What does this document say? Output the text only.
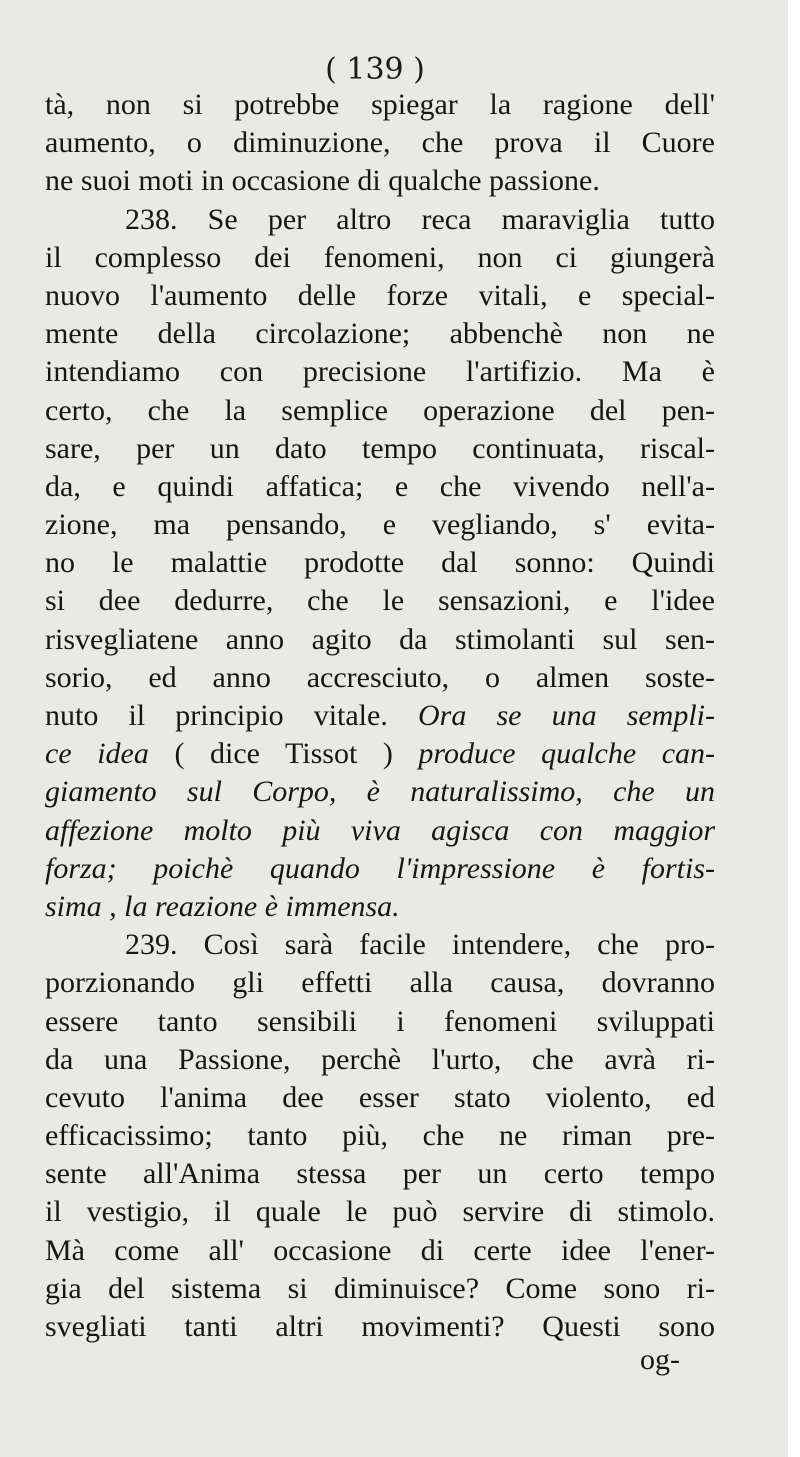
( 139 )
tà, non si potrebbe spiegar la ragione dell'
aumento, o diminuzione, che prova il Cuore
ne suoi moti in occasione di qualche passione.
238. Se per altro reca maraviglia tutto
il complesso dei fenomeni, non ci giungerà
nuovo l'aumento delle forze vitali, e special-
mente della circolazione; abbenchè non ne
intendiamo con precisione l'artifizio. Ma è
certo, che la semplice operazione del pen-
sare, per un dato tempo continuata, riscal-
da, e quindi affatica; e che vivendo nell'a-
zione, ma pensando, e vegliando, s' evita-
no le malattie prodotte dal sonno: Quindi
si dee dedurre, che le sensazioni, e l'idee
risvegliatene anno agito da stimolanti sul sen-
sorio, ed anno accresciuto, o almen soste-
nuto il principio vitale. Ora se una sempli-
ce idea ( dice Tissot ) produce qualche can-
giamento sul Corpo, è naturalissimo, che un
affezione molto più viva agisca con maggior
forza; poichè quando l'impressione è fortis-
sima , la reazione è immensa.
239. Così sarà facile intendere, che pro-
porzionando gli effetti alla causa, dovranno
essere tanto sensibili i fenomeni sviluppati
da una Passione, perchè l'urto, che avrà ri-
cevuto l'anima dee esser stato violento, ed
efficacissimo; tanto più, che ne riman pre-
sente all'Anima stessa per un certo tempo
il vestigio, il quale le può servire di stimolo.
Mà come all' occasione di certe idee l'ener-
gia del sistema si diminuisce? Come sono ri-
svegliati tanti altri movimenti? Questi sono
og-
